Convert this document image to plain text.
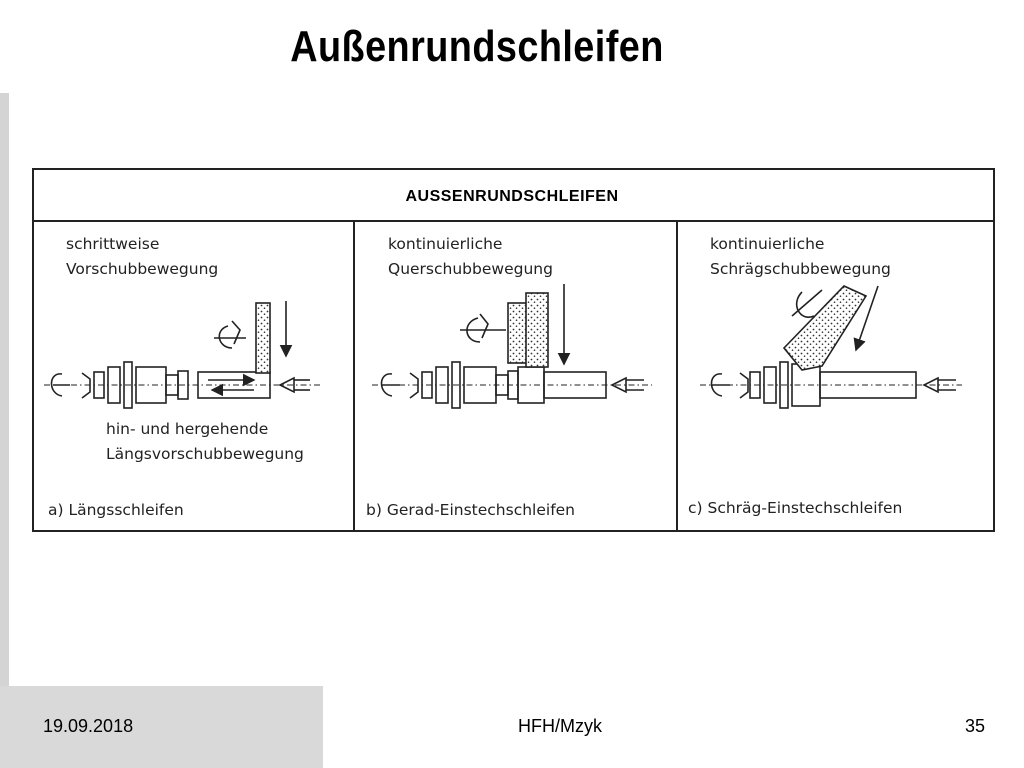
Außenrundschleifen
AUSSENRUNDSCHLEIFEN
schrittweise
Vorschubbewegung
hin- und hergehende
Längsvorschubbewegung
a) Längsschleifen
kontinuierliche
Querschubbewegung
b) Gerad-Einstechschleifen
kontinuierliche
Schrägschubbewegung
c) Schräg-Einstechschleifen
19.09.2018	HFH/Mzyk	35
